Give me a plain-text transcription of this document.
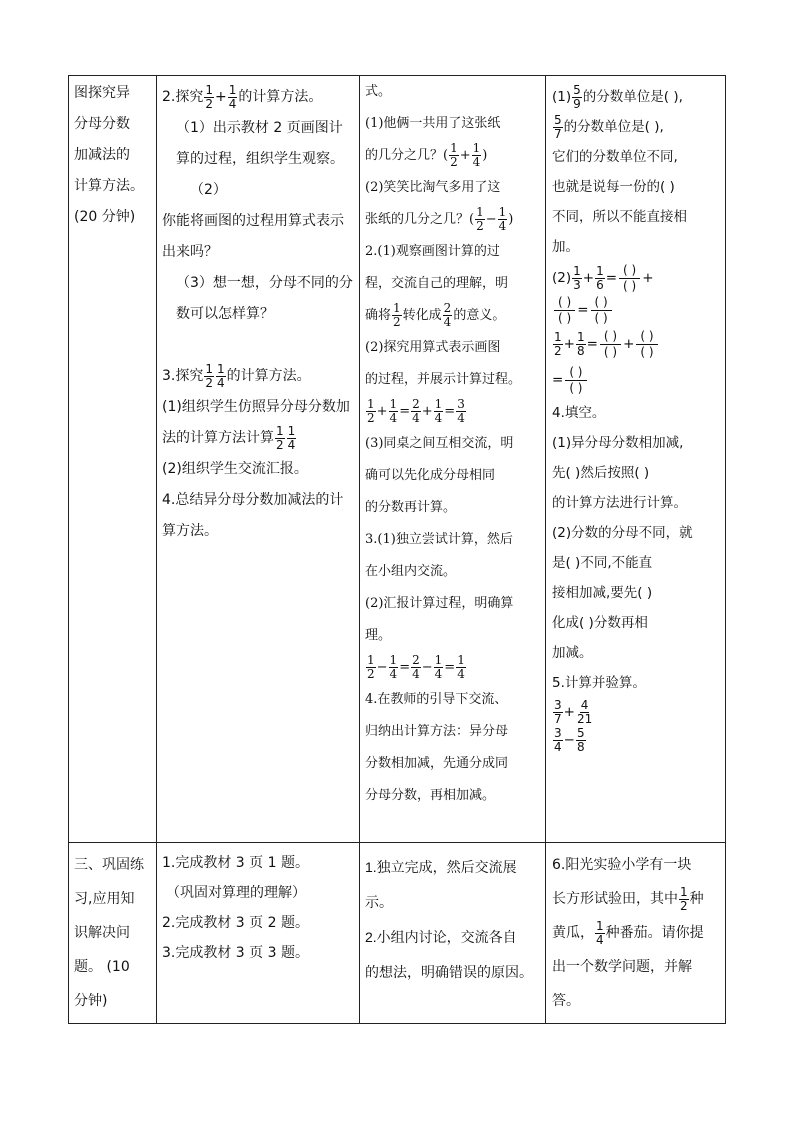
图探究异

分母分数

加减法的

计算方法。

(20 分钟)

2.探究 $\frac{1}{2} + \frac{1}{4}$ 的计算方法。

（1）出示教材 2 页画图计算的过程，组织学生观察。

（2）

你能将画图的过程用算式表示出来吗？

（3）想一想，分母不同的分数可以怎样算？

3.探究 $\frac{1}{2} \frac{1}{4}$ 的计算方法。

(1)组织学生仿照异分母分数加法的计算方法计算 $\frac{1}{2} \frac{1}{4}$

(2)组织学生交流汇报。

4.总结异分母分数加减法的计算方法。

式。

(1)他俩一共用了这张纸

的几分之几？( $\frac{1}{2} + \frac{1}{4}$ )

(2)笑笑比淘气多用了这

张纸的几分之几？( $\frac{1}{2} - \frac{1}{4}$ )

2.(1)观察画图计算的过

程，交流自己的理解，明

确将 $\frac{1}{2}$ 转化成 $\frac{2}{4}$ 的意义。

(2)探究用算式表示画图

的过程，并展示计算过程。

$\frac{1}{2} + \frac{1}{4} = \frac{2}{4} + \frac{1}{4} = \frac{3}{4}$

(3)同桌之间互相交流，明

确可以先化成分母相同

的分数再计算。

3.(1)独立尝试计算，然后

在小组内交流。

(2)汇报计算过程，明确算

理。

$\frac{1}{2} - \frac{1}{4} = \frac{2}{4} - \frac{1}{4} = \frac{1}{4}$

4.在教师的引导下交流、

归纳出计算方法：异分母

分数相加减，先通分成同

分母分数，再相加减。

$(1) \frac{5}{9}$ 的分数单位是( ),

$\frac{5}{7}$ 的分数单位是( ),

它们的分数单位不同,

也就是说每一份的( )

不同，所以不能直接相

加。

$(2) \frac{1}{3} + \frac{1}{6} = \frac{( )}{( )}$ +

$\frac{( )}{( )} = \frac{( )}{( )}$

$\frac{1}{2} + \frac{1}{8} = \frac{( )}{( )} + \frac{( )}{( )}$

= $\frac{( )}{( )}$

4.填空。

(1)异分母分数相加减,

先( )然后按照( )

的计算方法进行计算。

(2)分数的分母不同，就

是( )不同,不能直

接相加减,要先( )

化成( )分数再相

加减。

5.计算并验算。

$\frac{3}{7} + \frac{4}{21}$

$\frac{3}{4} - \frac{5}{8}$

三、巩固练

习,应用知

识解决问

题。 (10

分钟)

1.完成教材 3 页 1 题。

（巩固对算理的理解）

2.完成教材 3 页 2 题。

3.完成教材 3 页 3 题。

1.独立完成，然后交流展

示。

2.小组内讨论，交流各自

的想法，明确错误的原因。

6.阳光实验小学有一块

长方形试验田，其中 $\frac{1}{2}$ 种

黄瓜， $\frac{1}{4}$ 种番茄。请你提

出一个数学问题，并解

答。
